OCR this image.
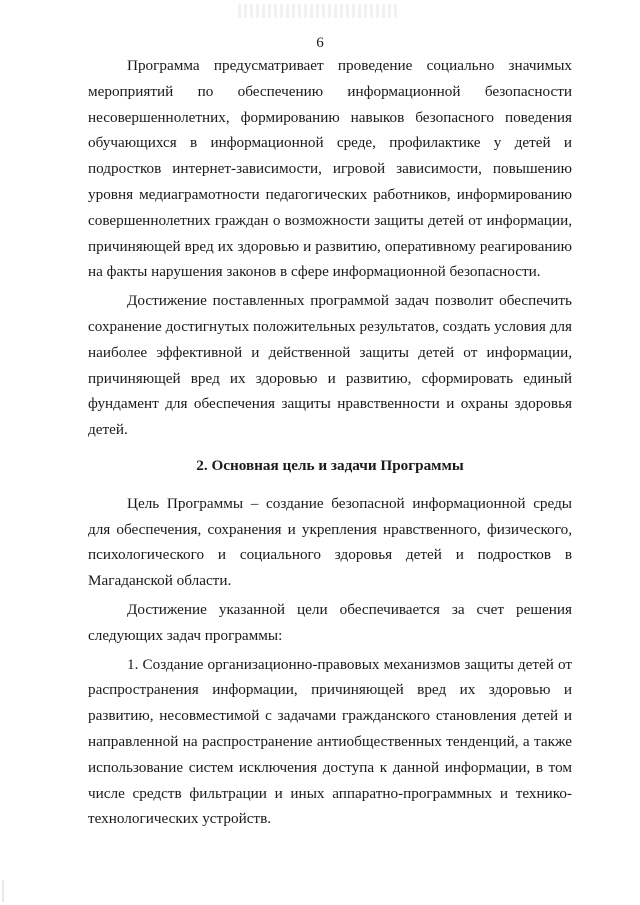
6

Программа предусматривает проведение социально значимых мероприятий по обеспечению информационной безопасности несовершеннолетних, формированию навыков безопасного поведения обучающихся в информационной среде, профилактике у детей и подростков интернет-зависимости, игровой зависимости, повышению уровня медиаграмотности педагогических работников, информированию совершеннолетних граждан о возможности защиты детей от информации, причиняющей вред их здоровью и развитию, оперативному реагированию на факты нарушения законов в сфере информационной безопасности.

Достижение поставленных программой задач позволит обеспечить сохранение достигнутых положительных результатов, создать условия для наиболее эффективной и действенной защиты детей от информации, причиняющей вред их здоровью и развитию, сформировать единый фундамент для обеспечения защиты нравственности и охраны здоровья детей.

2. Основная цель и задачи Программы

Цель Программы – создание безопасной информационной среды для обеспечения, сохранения и укрепления нравственного, физического, психологического и социального здоровья детей и подростков в Магаданской области.

Достижение указанной цели обеспечивается за счет решения следующих задач программы:

1. Создание организационно-правовых механизмов защиты детей от распространения информации, причиняющей вред их здоровью и развитию, несовместимой с задачами гражданского становления детей и направленной на распространение антиобщественных тенденций, а также использование систем исключения доступа к данной информации, в том числе средств фильтрации и иных аппаратно-программных и технико-технологических устройств.
